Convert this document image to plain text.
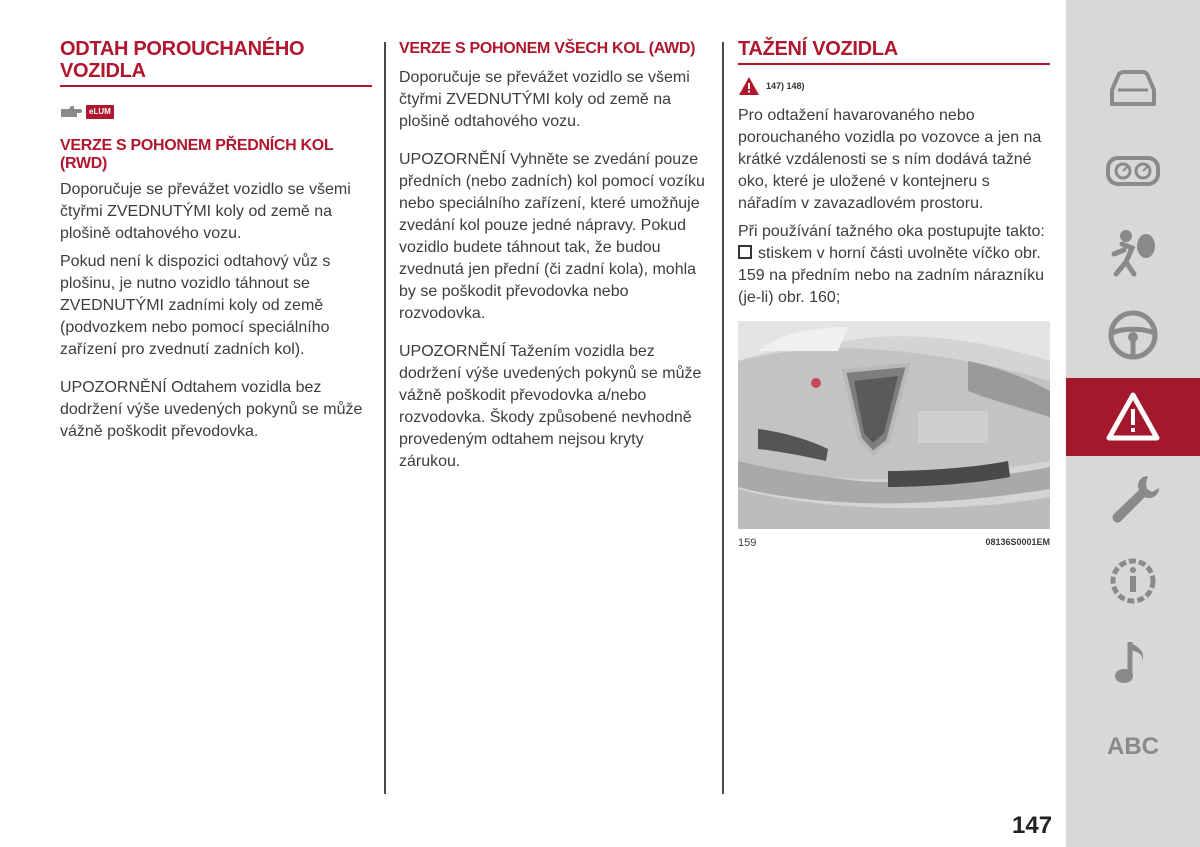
ODTAH POROUCHANÉHO VOZIDLA
eLUM
VERZE S POHONEM PŘEDNÍCH KOL (RWD)

Doporučuje se převážet vozidlo se všemi čtyřmi ZVEDNUTÝMI koly od země na plošině odtahového vozu.

Pokud není k dispozici odtahový vůz s plošinu, je nutno vozidlo táhnout se ZVEDNUTÝMI zadními koly od země (podvozkem nebo pomocí speciálního zařízení pro zvednutí zadních kol).

UPOZORNĚNÍ Odtahem vozidla bez dodržení výše uvedených pokynů se může vážně poškodit převodovka.

VERZE S POHONEM VŠECH KOL (AWD)

Doporučuje se převážet vozidlo se všemi čtyřmi ZVEDNUTÝMI koly od země na plošině odtahového vozu.

UPOZORNĚNÍ Vyhněte se zvedání pouze předních (nebo zadních) kol pomocí vozíku nebo speciálního zařízení, které umožňuje zvedání kol pouze jedné nápravy. Pokud vozidlo budete táhnout tak, že budou zvednutá jen přední (či zadní kola), mohla by se poškodit převodovka nebo rozvodovka.

UPOZORNĚNÍ Tažením vozidla bez dodržení výše uvedených pokynů se může vážně poškodit převodovka a/nebo rozvodovka. Škody způsobené nevhodně provedeným odtahem nejsou kryty zárukou.

TAŽENÍ VOZIDLA
147) 148)

Pro odtažení havarovaného nebo porouchaného vozidla po vozovce a jen na krátké vzdálenosti se s ním dodává tažné oko, které je uložené v kontejneru s nářadím v zavazadlovém prostoru.

Při používání tažného oka postupujte takto:

stiskem v horní části uvolněte víčko obr. 159 na předním nebo na zadním nárazníku (je-li) obr. 160;

159	08136S0001EM
ABC
147
